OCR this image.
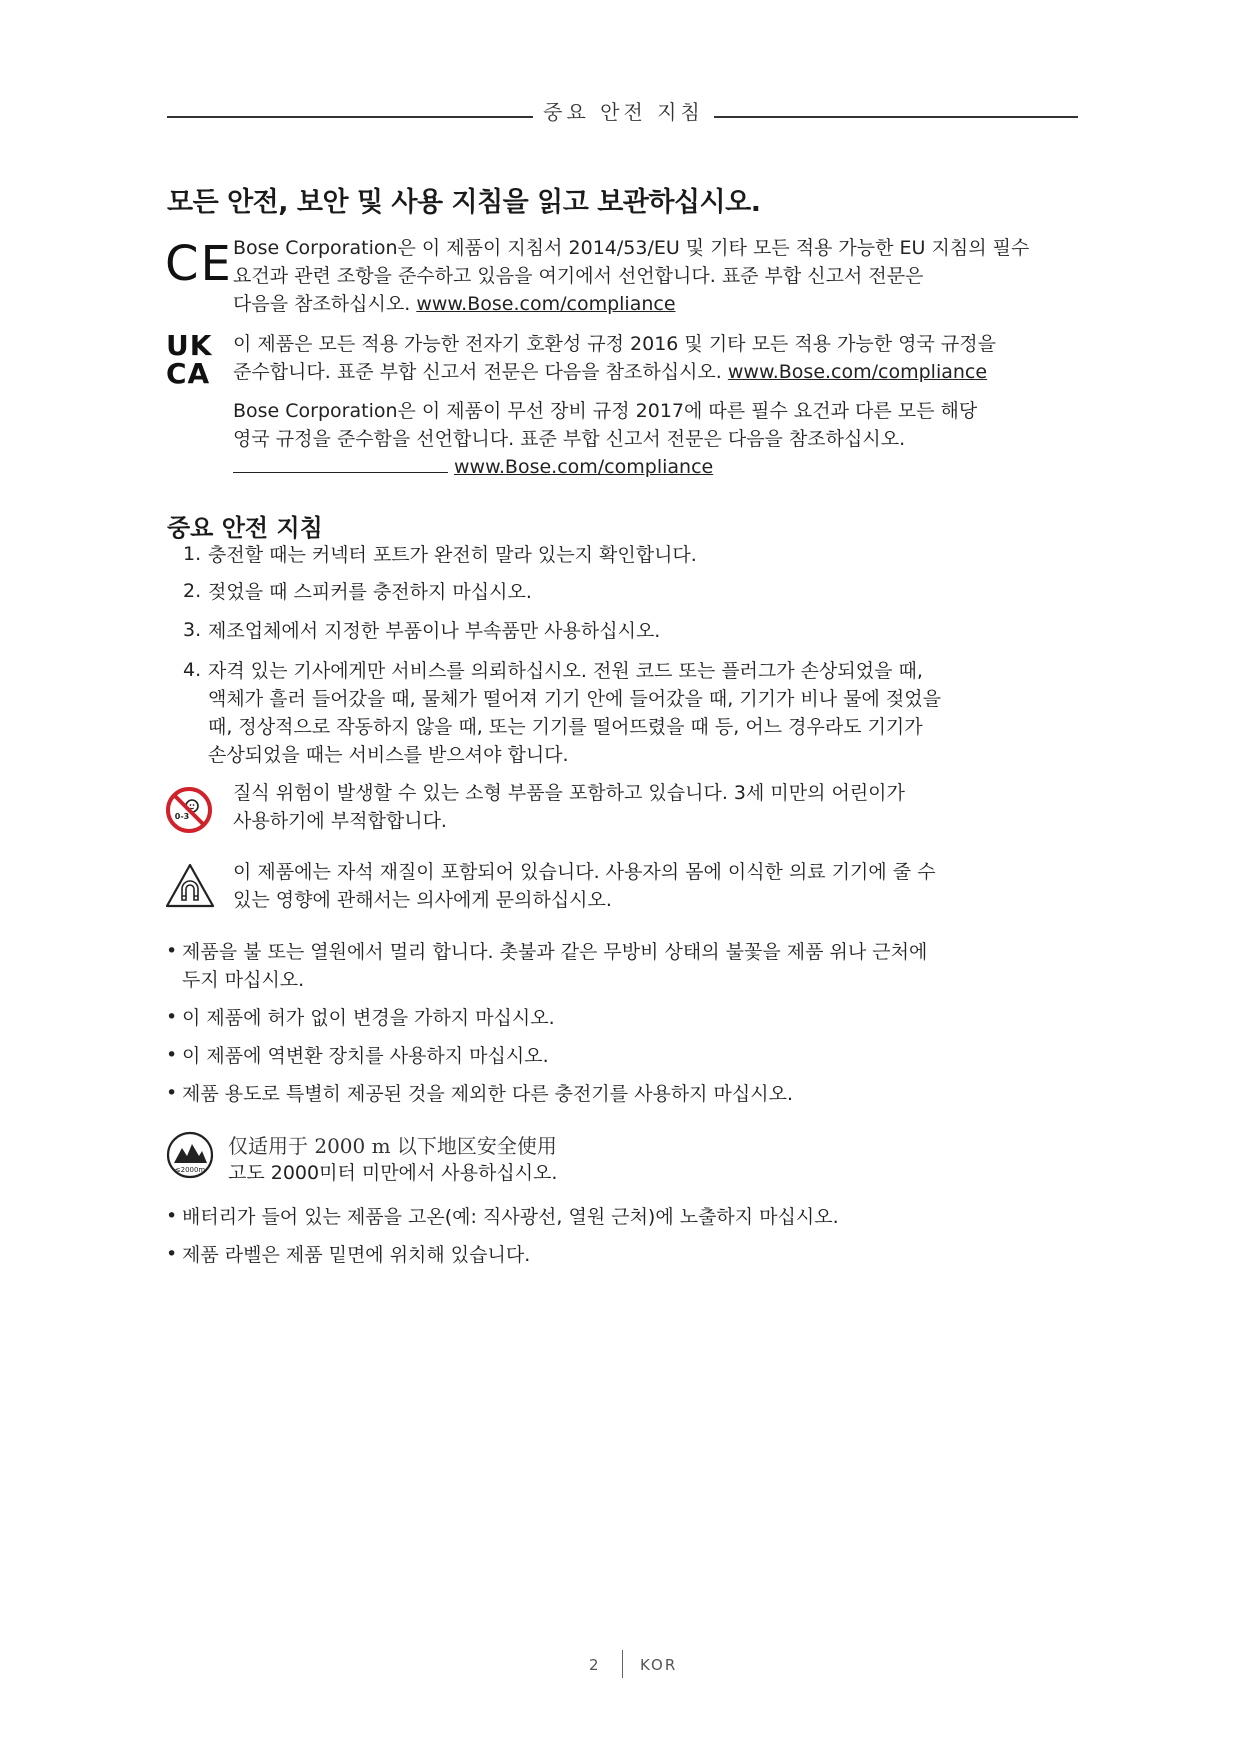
중요 안전 지침
모든 안전, 보안 및 사용 지침을 읽고 보관하십시오.
CE Bose Corporation은 이 제품이 지침서 2014/53/EU 및 기타 모든 적용 가능한 EU 지침의 필수
요건과 관련 조항을 준수하고 있음을 여기에서 선언합니다. 표준 부합 신고서 전문은
다음을 참조하십시오. www.Bose.com/compliance
UK
CA
이 제품은 모든 적용 가능한 전자기 호환성 규정 2016 및 기타 모든 적용 가능한 영국 규정을
준수합니다. 표준 부합 신고서 전문은 다음을 참조하십시오. www.Bose.com/compliance
Bose Corporation은 이 제품이 무선 장비 규정 2017에 따른 필수 요건과 다른 모든 해당
영국 규정을 준수함을 선언합니다. 표준 부합 신고서 전문은 다음을 참조하십시오.
www.Bose.com/compliance
중요 안전 지침
1. 충전할 때는 커넥터 포트가 완전히 말라 있는지 확인합니다.
2. 젖었을 때 스피커를 충전하지 마십시오.
3. 제조업체에서 지정한 부품이나 부속품만 사용하십시오.
4. 자격 있는 기사에게만 서비스를 의뢰하십시오. 전원 코드 또는 플러그가 손상되었을 때,
액체가 흘러 들어갔을 때, 물체가 떨어져 기기 안에 들어갔을 때, 기기가 비나 물에 젖었을
때, 정상적으로 작동하지 않을 때, 또는 기기를 떨어뜨렸을 때 등, 어느 경우라도 기기가
손상되었을 때는 서비스를 받으셔야 합니다.
0-3
질식 위험이 발생할 수 있는 소형 부품을 포함하고 있습니다. 3세 미만의 어린이가
사용하기에 부적합합니다.
이 제품에는 자석 재질이 포함되어 있습니다. 사용자의 몸에 이식한 의료 기기에 줄 수
있는 영향에 관해서는 의사에게 문의하십시오.
• 제품을 불 또는 열원에서 멀리 합니다. 촛불과 같은 무방비 상태의 불꽃을 제품 위나 근처에
두지 마십시오.
• 이 제품에 허가 없이 변경을 가하지 마십시오.
• 이 제품에 역변환 장치를 사용하지 마십시오.
• 제품 용도로 특별히 제공된 것을 제외한 다른 충전기를 사용하지 마십시오.
≤2000m
仅适用于 2000 m 以下地区安全使用
고도 2000미터 미만에서 사용하십시오.
• 배터리가 들어 있는 제품을 고온(예: 직사광선, 열원 근처)에 노출하지 마십시오.
• 제품 라벨은 제품 밑면에 위치해 있습니다.
2	KOR
